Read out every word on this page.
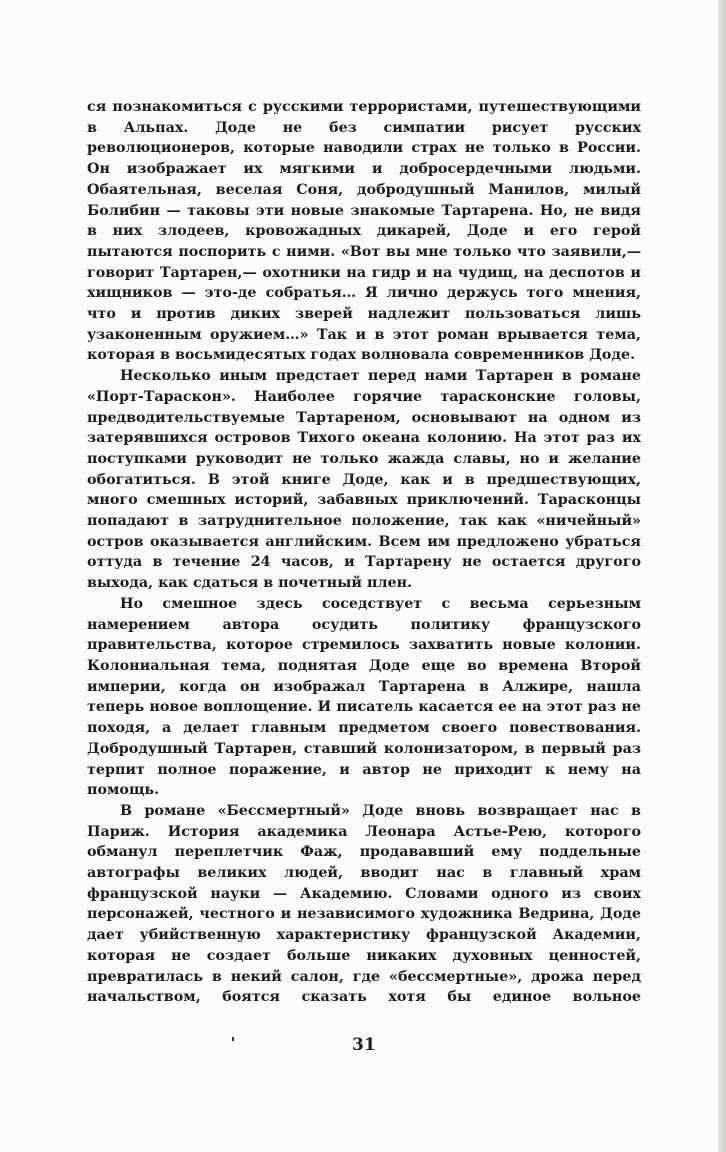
ся познакомиться с русскими террористами, путешествующими в Альпах. Доде не без симпатии рисует русских революционеров, которые наводили страх не только в России. Он изображает их мягкими и добросердечными людьми. Обаятельная, веселая Соня, добродушный Манилов, милый Болибин — таковы эти новые знакомые Тартарена. Но, не видя в них злодеев, кровожадных дикарей, Доде и его герой пытаются поспорить с ними. «Вот вы мне только что заявили,— говорит Тартарен,— охотники на гидр и на чудищ, на деспотов и хищников — это-де собратья… Я лично держусь того мнения, что и против диких зверей надлежит пользоваться лишь узаконенным оружием…» Так и в этот роман врывается тема, которая в восьмидесятых годах волновала современников Доде.

Несколько иным предстает перед нами Тартарен в романе «Порт-Тараскон». Наиболее горячие тарасконские головы, предводительствуемые Тартареном, основывают на одном из затерявшихся островов Тихого океана колонию. На этот раз их поступками руководит не только жажда славы, но и желание обогатиться. В этой книге Доде, как и в предшествующих, много смешных историй, забавных приключений. Тарасконцы попадают в затруднительное положение, так как «ничейный» остров оказывается английским. Всем им предложено убраться оттуда в течение 24 часов, и Тартарену не остается другого выхода, как сдаться в почетный плен.

Но смешное здесь соседствует с весьма серьезным намерением автора осудить политику французского правительства, которое стремилось захватить новые колонии. Колониальная тема, поднятая Доде еще во времена Второй империи, когда он изображал Тартарена в Алжире, нашла теперь новое воплощение. И писатель касается ее на этот раз не походя, а делает главным предметом своего повествования. Добродушный Тартарен, ставший колонизатором, в первый раз терпит полное поражение, и автор не приходит к нему на помощь.

В романе «Бессмертный» Доде вновь возвращает нас в Париж. История академика Леонара Астье-Рею, которого обманул переплетчик Фаж, продававший ему поддельные автографы великих людей, вводит нас в главный храм французской науки — Академию. Словами одного из своих персонажей, честного и независимого художника Ведрина, Доде дает убийственную характеристику французской Академии, которая не создает больше никаких духовных ценностей, превратилась в некий салон, где «бессмертные», дрожа перед начальством, боятся сказать хотя бы единое вольное

31
